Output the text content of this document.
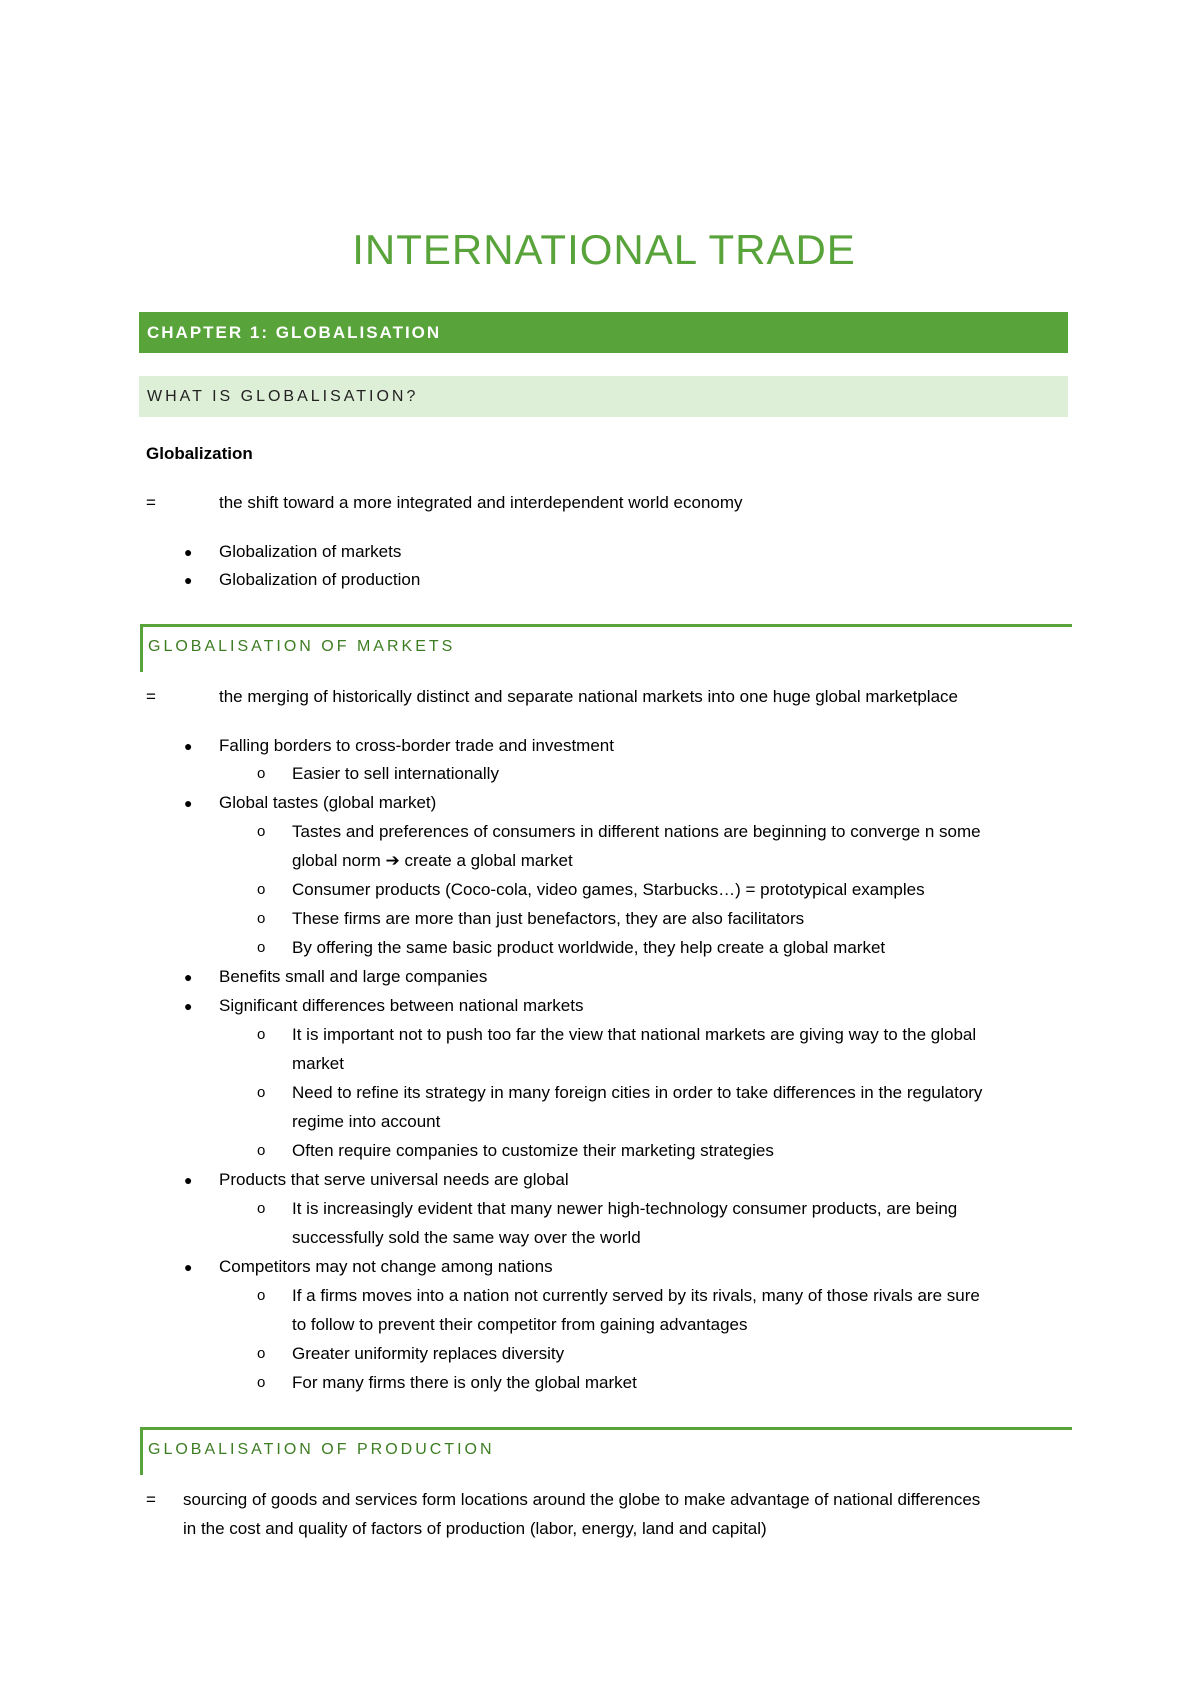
INTERNATIONAL TRADE
CHAPTER 1: GLOBALISATION
WHAT IS GLOBALISATION?
Globalization
=	the shift toward a more integrated and interdependent world economy
● Globalization of markets
● Globalization of production
GLOBALISATION OF MARKETS
=	the merging of historically distinct and separate national markets into one huge global marketplace
● Falling borders to cross-border trade and investment
o Easier to sell internationally
● Global tastes (global market)
o Tastes and preferences of consumers in different nations are beginning to converge n some
global norm ➔ create a global market
o Consumer products (Coco-cola, video games, Starbucks…) = prototypical examples
o These firms are more than just benefactors, they are also facilitators
o By offering the same basic product worldwide, they help create a global market
● Benefits small and large companies
● Significant differences between national markets
o It is important not to push too far the view that national markets are giving way to the global
market
o Need to refine its strategy in many foreign cities in order to take differences in the regulatory
regime into account
o Often require companies to customize their marketing strategies
● Products that serve universal needs are global
o It is increasingly evident that many newer high-technology consumer products, are being
successfully sold the same way over the world
● Competitors may not change among nations
o If a firms moves into a nation not currently served by its rivals, many of those rivals are sure
to follow to prevent their competitor from gaining advantages
o Greater uniformity replaces diversity
o For many firms there is only the global market
GLOBALISATION OF PRODUCTION
= sourcing of goods and services form locations around the globe to make advantage of national differences
in the cost and quality of factors of production (labor, energy, land and capital)
